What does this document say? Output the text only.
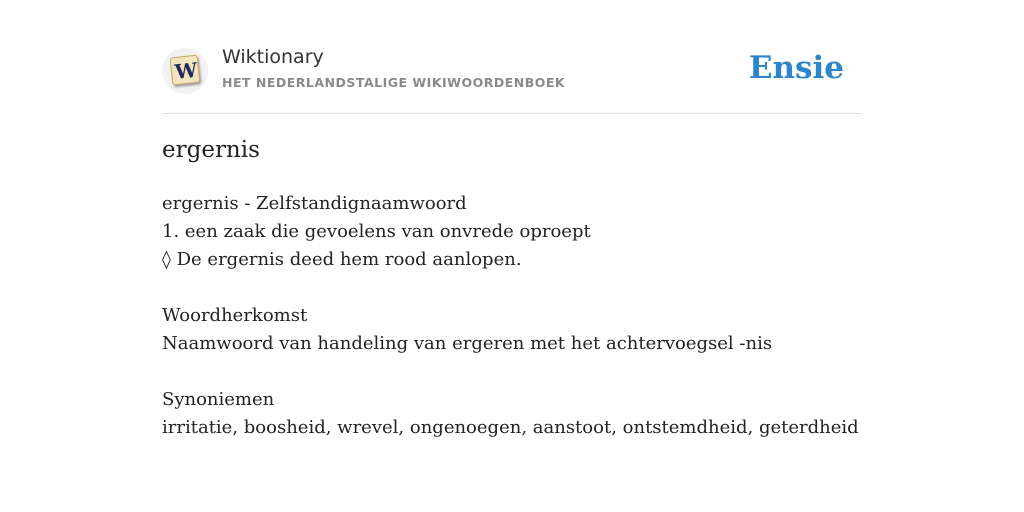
W
Wiktionary
HET NEDERLANDSTALIGE WIKIWOORDENBOEK	Ensie
ergernis
ergernis - Zelfstandignaamwoord
1. een zaak die gevoelens van onvrede oproept
◊ De ergernis deed hem rood aanlopen.
Woordherkomst
Naamwoord van handeling van ergeren met het achtervoegsel -nis
Synoniemen
irritatie, boosheid, wrevel, ongenoegen, aanstoot, ontstemdheid, geterdheid
